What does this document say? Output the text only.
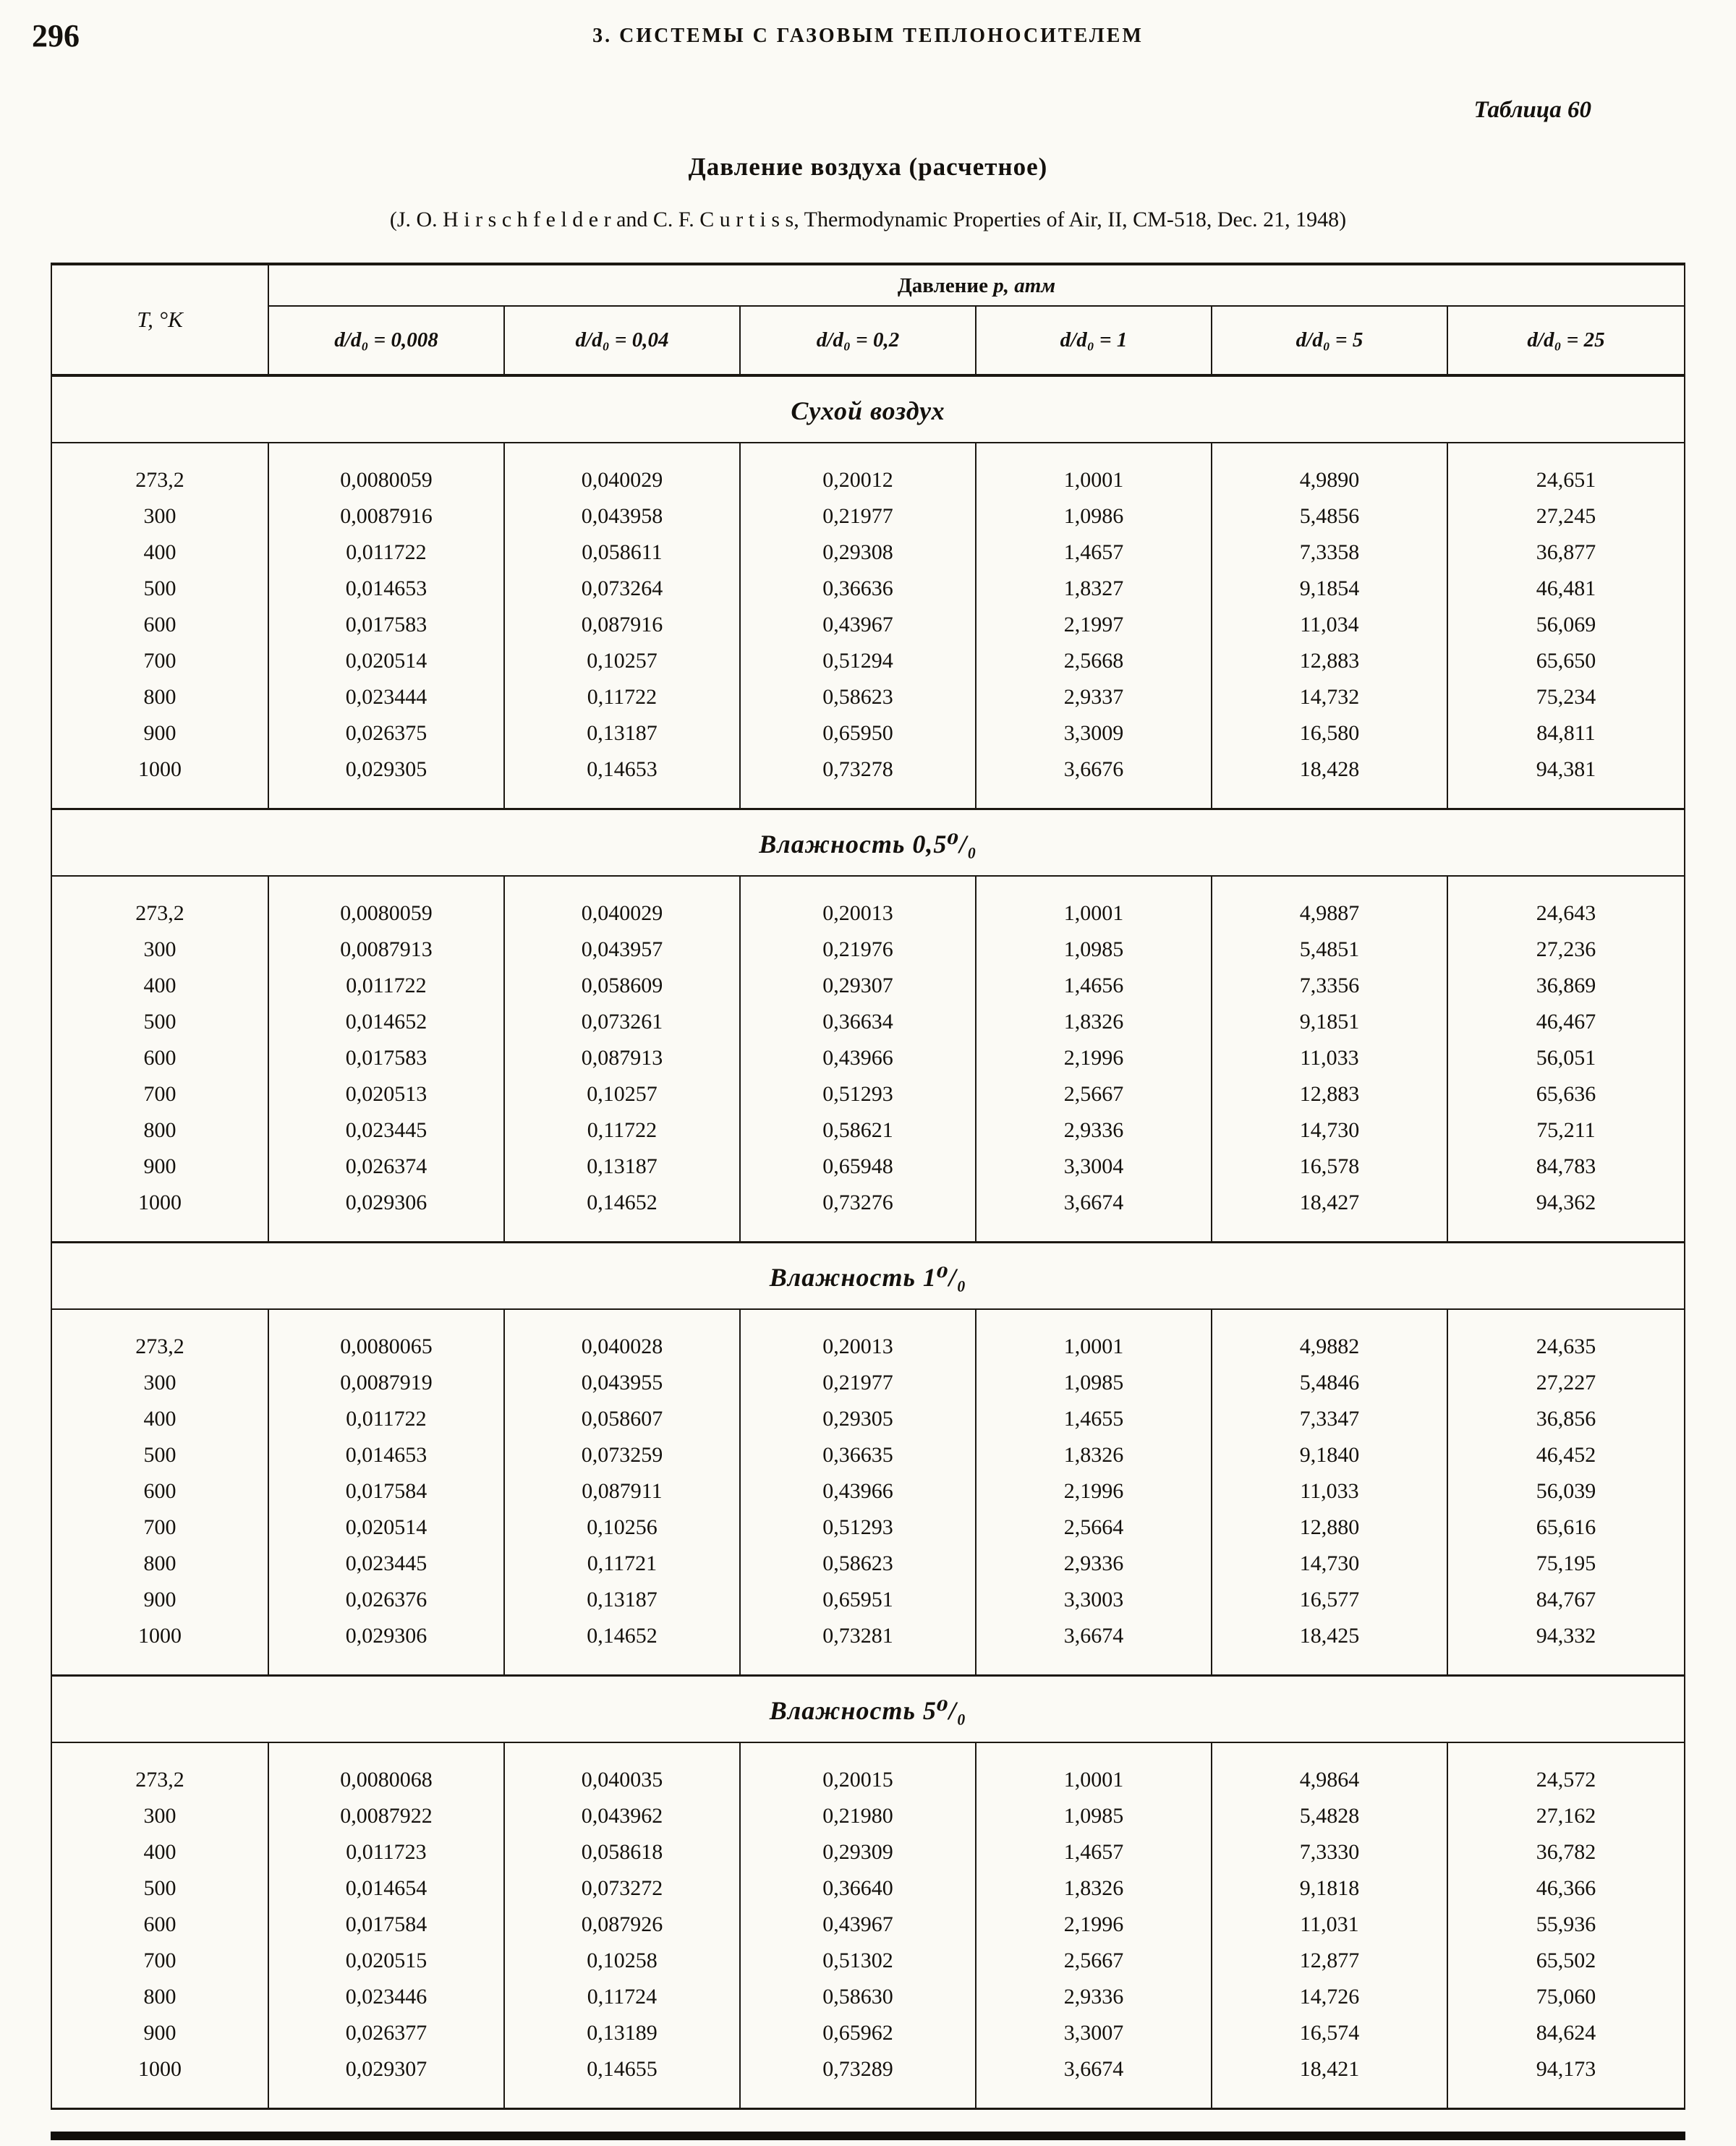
296	3. СИСТЕМЫ С ГАЗОВЫМ ТЕПЛОНОСИТЕЛЕМ
Таблица 60
Давление воздуха (расчетное)
(J. O. H i r s c h f e l d e r and C. F. C u r t i s s, Thermodynamic Properties of Air, II, CM-518, Dec. 21, 1948)
T, °K
Давление p, атм
d/d₀ = 0,008	d/d₀ = 0,04	d/d₀ = 0,2	d/d₀ = 1	d/d₀ = 5	d/d₀ = 25
Сухой воздух
273,2	0,0080059	0,040029	0,20012	1,0001	4,9890	24,651
300	0,0087916	0,043958	0,21977	1,0986	5,4856	27,245
400	0,011722	0,058611	0,29308	1,4657	7,3358	36,877
500	0,014653	0,073264	0,36636	1,8327	9,1854	46,481
600	0,017583	0,087916	0,43967	2,1997	11,034	56,069
700	0,020514	0,10257	0,51294	2,5668	12,883	65,650
800	0,023444	0,11722	0,58623	2,9337	14,732	75,234
900	0,026375	0,13187	0,65950	3,3009	16,580	84,811
1000	0,029305	0,14653	0,73278	3,6676	18,428	94,381
Влажность 0,5⁰/₀
273,2	0,0080059	0,040029	0,20013	1,0001	4,9887	24,643
300	0,0087913	0,043957	0,21976	1,0985	5,4851	27,236
400	0,011722	0,058609	0,29307	1,4656	7,3356	36,869
500	0,014652	0,073261	0,36634	1,8326	9,1851	46,467
600	0,017583	0,087913	0,43966	2,1996	11,033	56,051
700	0,020513	0,10257	0,51293	2,5667	12,883	65,636
800	0,023445	0,11722	0,58621	2,9336	14,730	75,211
900	0,026374	0,13187	0,65948	3,3004	16,578	84,783
1000	0,029306	0,14652	0,73276	3,6674	18,427	94,362
Влажность 1⁰/₀
273,2	0,0080065	0,040028	0,20013	1,0001	4,9882	24,635
300	0,0087919	0,043955	0,21977	1,0985	5,4846	27,227
400	0,011722	0,058607	0,29305	1,4655	7,3347	36,856
500	0,014653	0,073259	0,36635	1,8326	9,1840	46,452
600	0,017584	0,087911	0,43966	2,1996	11,033	56,039
700	0,020514	0,10256	0,51293	2,5664	12,880	65,616
800	0,023445	0,11721	0,58623	2,9336	14,730	75,195
900	0,026376	0,13187	0,65951	3,3003	16,577	84,767
1000	0,029306	0,14652	0,73281	3,6674	18,425	94,332
Влажность 5⁰/₀
273,2	0,0080068	0,040035	0,20015	1,0001	4,9864	24,572
300	0,0087922	0,043962	0,21980	1,0985	5,4828	27,162
400	0,011723	0,058618	0,29309	1,4657	7,3330	36,782
500	0,014654	0,073272	0,36640	1,8326	9,1818	46,366
600	0,017584	0,087926	0,43967	2,1996	11,031	55,936
700	0,020515	0,10258	0,51302	2,5667	12,877	65,502
800	0,023446	0,11724	0,58630	2,9336	14,726	75,060
900	0,026377	0,13189	0,65962	3,3007	16,574	84,624
1000	0,029307	0,14655	0,73289	3,6674	18,421	94,173
